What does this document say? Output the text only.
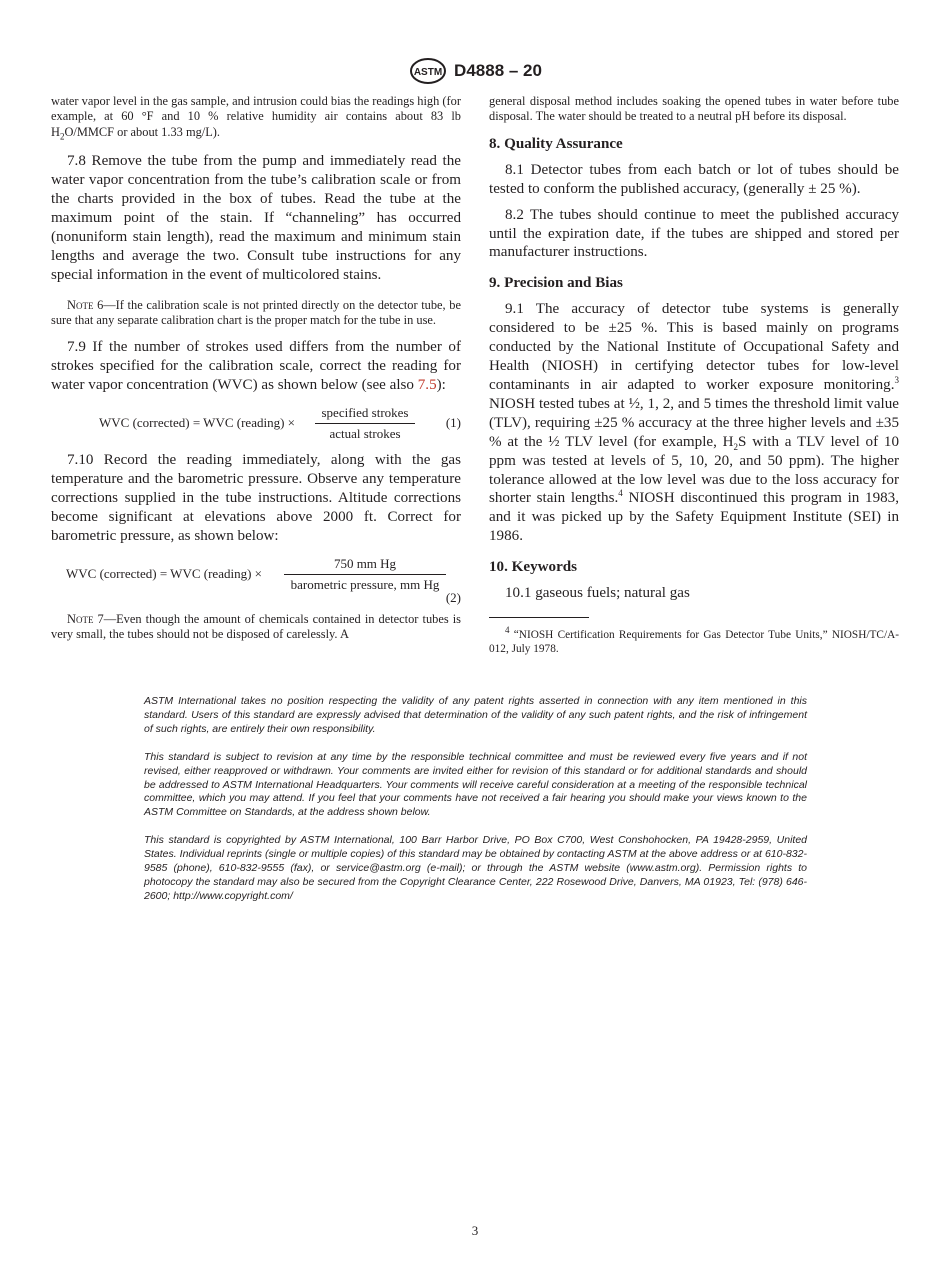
ASTM D4888 – 20

water vapor level in the gas sample, and intrusion could bias the readings high (for example, at 60 °F and 10 % relative humidity air contains about 83 lb $H_2O$/MMCF or about 1.33 mg/L).

7.8 Remove the tube from the pump and immediately read the water vapor concentration from the tube’s calibration scale or from the charts provided in the box of tubes. Read the tube at the maximum point of the stain. If “channeling” has occurred (nonuniform stain length), read the maximum and minimum stain lengths and average the two. Consult tube instructions for any special information in the event of multicolored stains.

Note 6—If the calibration scale is not printed directly on the detector tube, be sure that any separate calibration chart is the proper match for the tube in use.

7.9 If the number of strokes used differs from the number of strokes specified for the calibration scale, correct the reading for water vapor concentration (WVC) as shown below (see also 7.5):

WVC (corrected) = WVC (reading) ×
specified strokes
actual strokes
(1)

7.10 Record the reading immediately, along with the gas temperature and the barometric pressure. Observe any temperature corrections supplied in the tube instructions. Altitude corrections become significant at elevations above 2000 ft. Correct for barometric pressure, as shown below:

WVC (corrected) = WVC (reading) ×
750 mm Hg
barometric pressure, mm Hg
(2)

Note 7—Even though the amount of chemicals contained in detector tubes is very small, the tubes should not be disposed of carelessly. A

general disposal method includes soaking the opened tubes in water before tube disposal. The water should be treated to a neutral pH before its disposal.

8. Quality Assurance

8.1 Detector tubes from each batch or lot of tubes should be tested to conform the published accuracy, (generally ± 25 %).

8.2 The tubes should continue to meet the published accuracy until the expiration date, if the tubes are shipped and stored per manufacturer instructions.

9. Precision and Bias

9.1 The accuracy of detector tube systems is generally considered to be ±25 %. This is based mainly on programs conducted by the National Institute of Occupational Safety and Health (NIOSH) in certifying detector tubes for low-level contaminants in air adapted to worker exposure monitoring.$^3$ NIOSH tested tubes at ½, 1, 2, and 5 times the threshold limit value (TLV), requiring ±25 % accuracy at the three higher levels and ±35 % at the ½ TLV level (for example, $H_2S$ with a TLV level of 10 ppm was tested at levels of 5, 10, 20, and 50 ppm). The higher tolerance allowed at the low level was due to the loss accuracy for shorter stain lengths.$^4$ NIOSH discontinued this program in 1983, and it was picked up by the Safety Equipment Institute (SEI) in 1986.

10. Keywords

10.1 gaseous fuels; natural gas

$^4$ “NIOSH Certification Requirements for Gas Detector Tube Units,” NIOSH/TC/A-012, July 1978.

ASTM International takes no position respecting the validity of any patent rights asserted in connection with any item mentioned in this standard. Users of this standard are expressly advised that determination of the validity of any such patent rights, and the risk of infringement of such rights, are entirely their own responsibility.

This standard is subject to revision at any time by the responsible technical committee and must be reviewed every five years and if not revised, either reapproved or withdrawn. Your comments are invited either for revision of this standard or for additional standards and should be addressed to ASTM International Headquarters. Your comments will receive careful consideration at a meeting of the responsible technical committee, which you may attend. If you feel that your comments have not received a fair hearing you should make your views known to the ASTM Committee on Standards, at the address shown below.

This standard is copyrighted by ASTM International, 100 Barr Harbor Drive, PO Box C700, West Conshohocken, PA 19428-2959, United States. Individual reprints (single or multiple copies) of this standard may be obtained by contacting ASTM at the above address or at 610-832-9585 (phone), 610-832-9555 (fax), or service@astm.org (e-mail); or through the ASTM website (www.astm.org). Permission rights to photocopy the standard may also be secured from the Copyright Clearance Center, 222 Rosewood Drive, Danvers, MA 01923, Tel: (978) 646-2600; http://www.copyright.com/

3
